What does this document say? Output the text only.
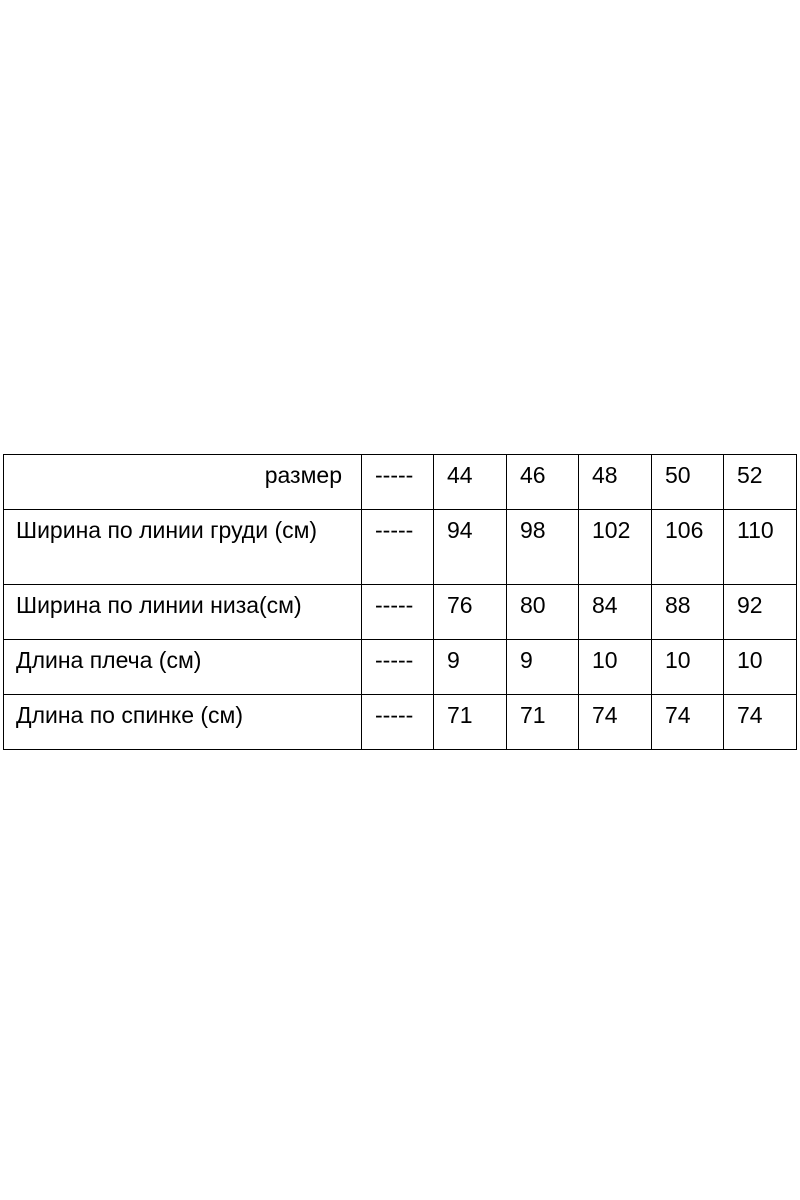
размер	-----	44	46	48	50	52
Ширина по линии груди (см)	-----	94	98	102	106	110
Ширина по линии низа(см)	-----	76	80	84	88	92
Длина плеча (см)	-----	9	9	10	10	10
Длина по спинке (см)	-----	71	71	74	74	74
